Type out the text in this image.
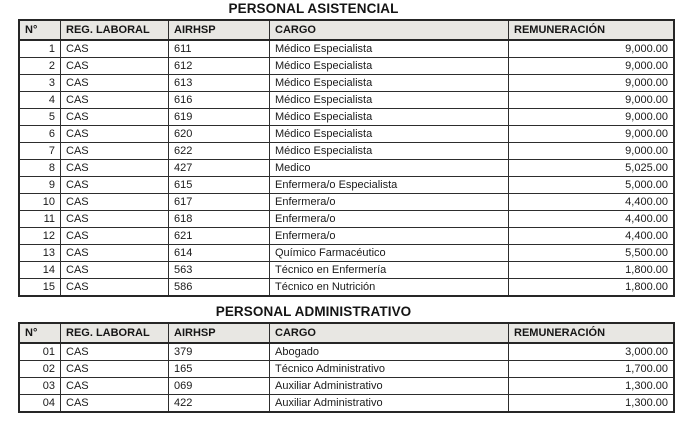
PERSONAL ASISTENCIAL
N°	REG. LABORAL	AIRHSP	CARGO	REMUNERACIÓN
1	CAS	611	Médico Especialista	9,000.00
2	CAS	612	Médico Especialista	9,000.00
3	CAS	613	Médico Especialista	9,000.00
4	CAS	616	Médico Especialista	9,000.00
5	CAS	619	Médico Especialista	9,000.00
6	CAS	620	Médico Especialista	9,000.00
7	CAS	622	Médico Especialista	9,000.00
8	CAS	427	Medico	5,025.00
9	CAS	615	Enfermera/o Especialista	5,000.00
10	CAS	617	Enfermera/o	4,400.00
11	CAS	618	Enfermera/o	4,400.00
12	CAS	621	Enfermera/o	4,400.00
13	CAS	614	Químico Farmacéutico	5,500.00
14	CAS	563	Técnico en Enfermería	1,800.00
15	CAS	586	Técnico en Nutrición	1,800.00
PERSONAL ADMINISTRATIVO
N°	REG. LABORAL	AIRHSP	CARGO	REMUNERACIÓN
01	CAS	379	Abogado	3,000.00
02	CAS	165	Técnico Administrativo	1,700.00
03	CAS	069	Auxiliar Administrativo	1,300.00
04	CAS	422	Auxiliar Administrativo	1,300.00
